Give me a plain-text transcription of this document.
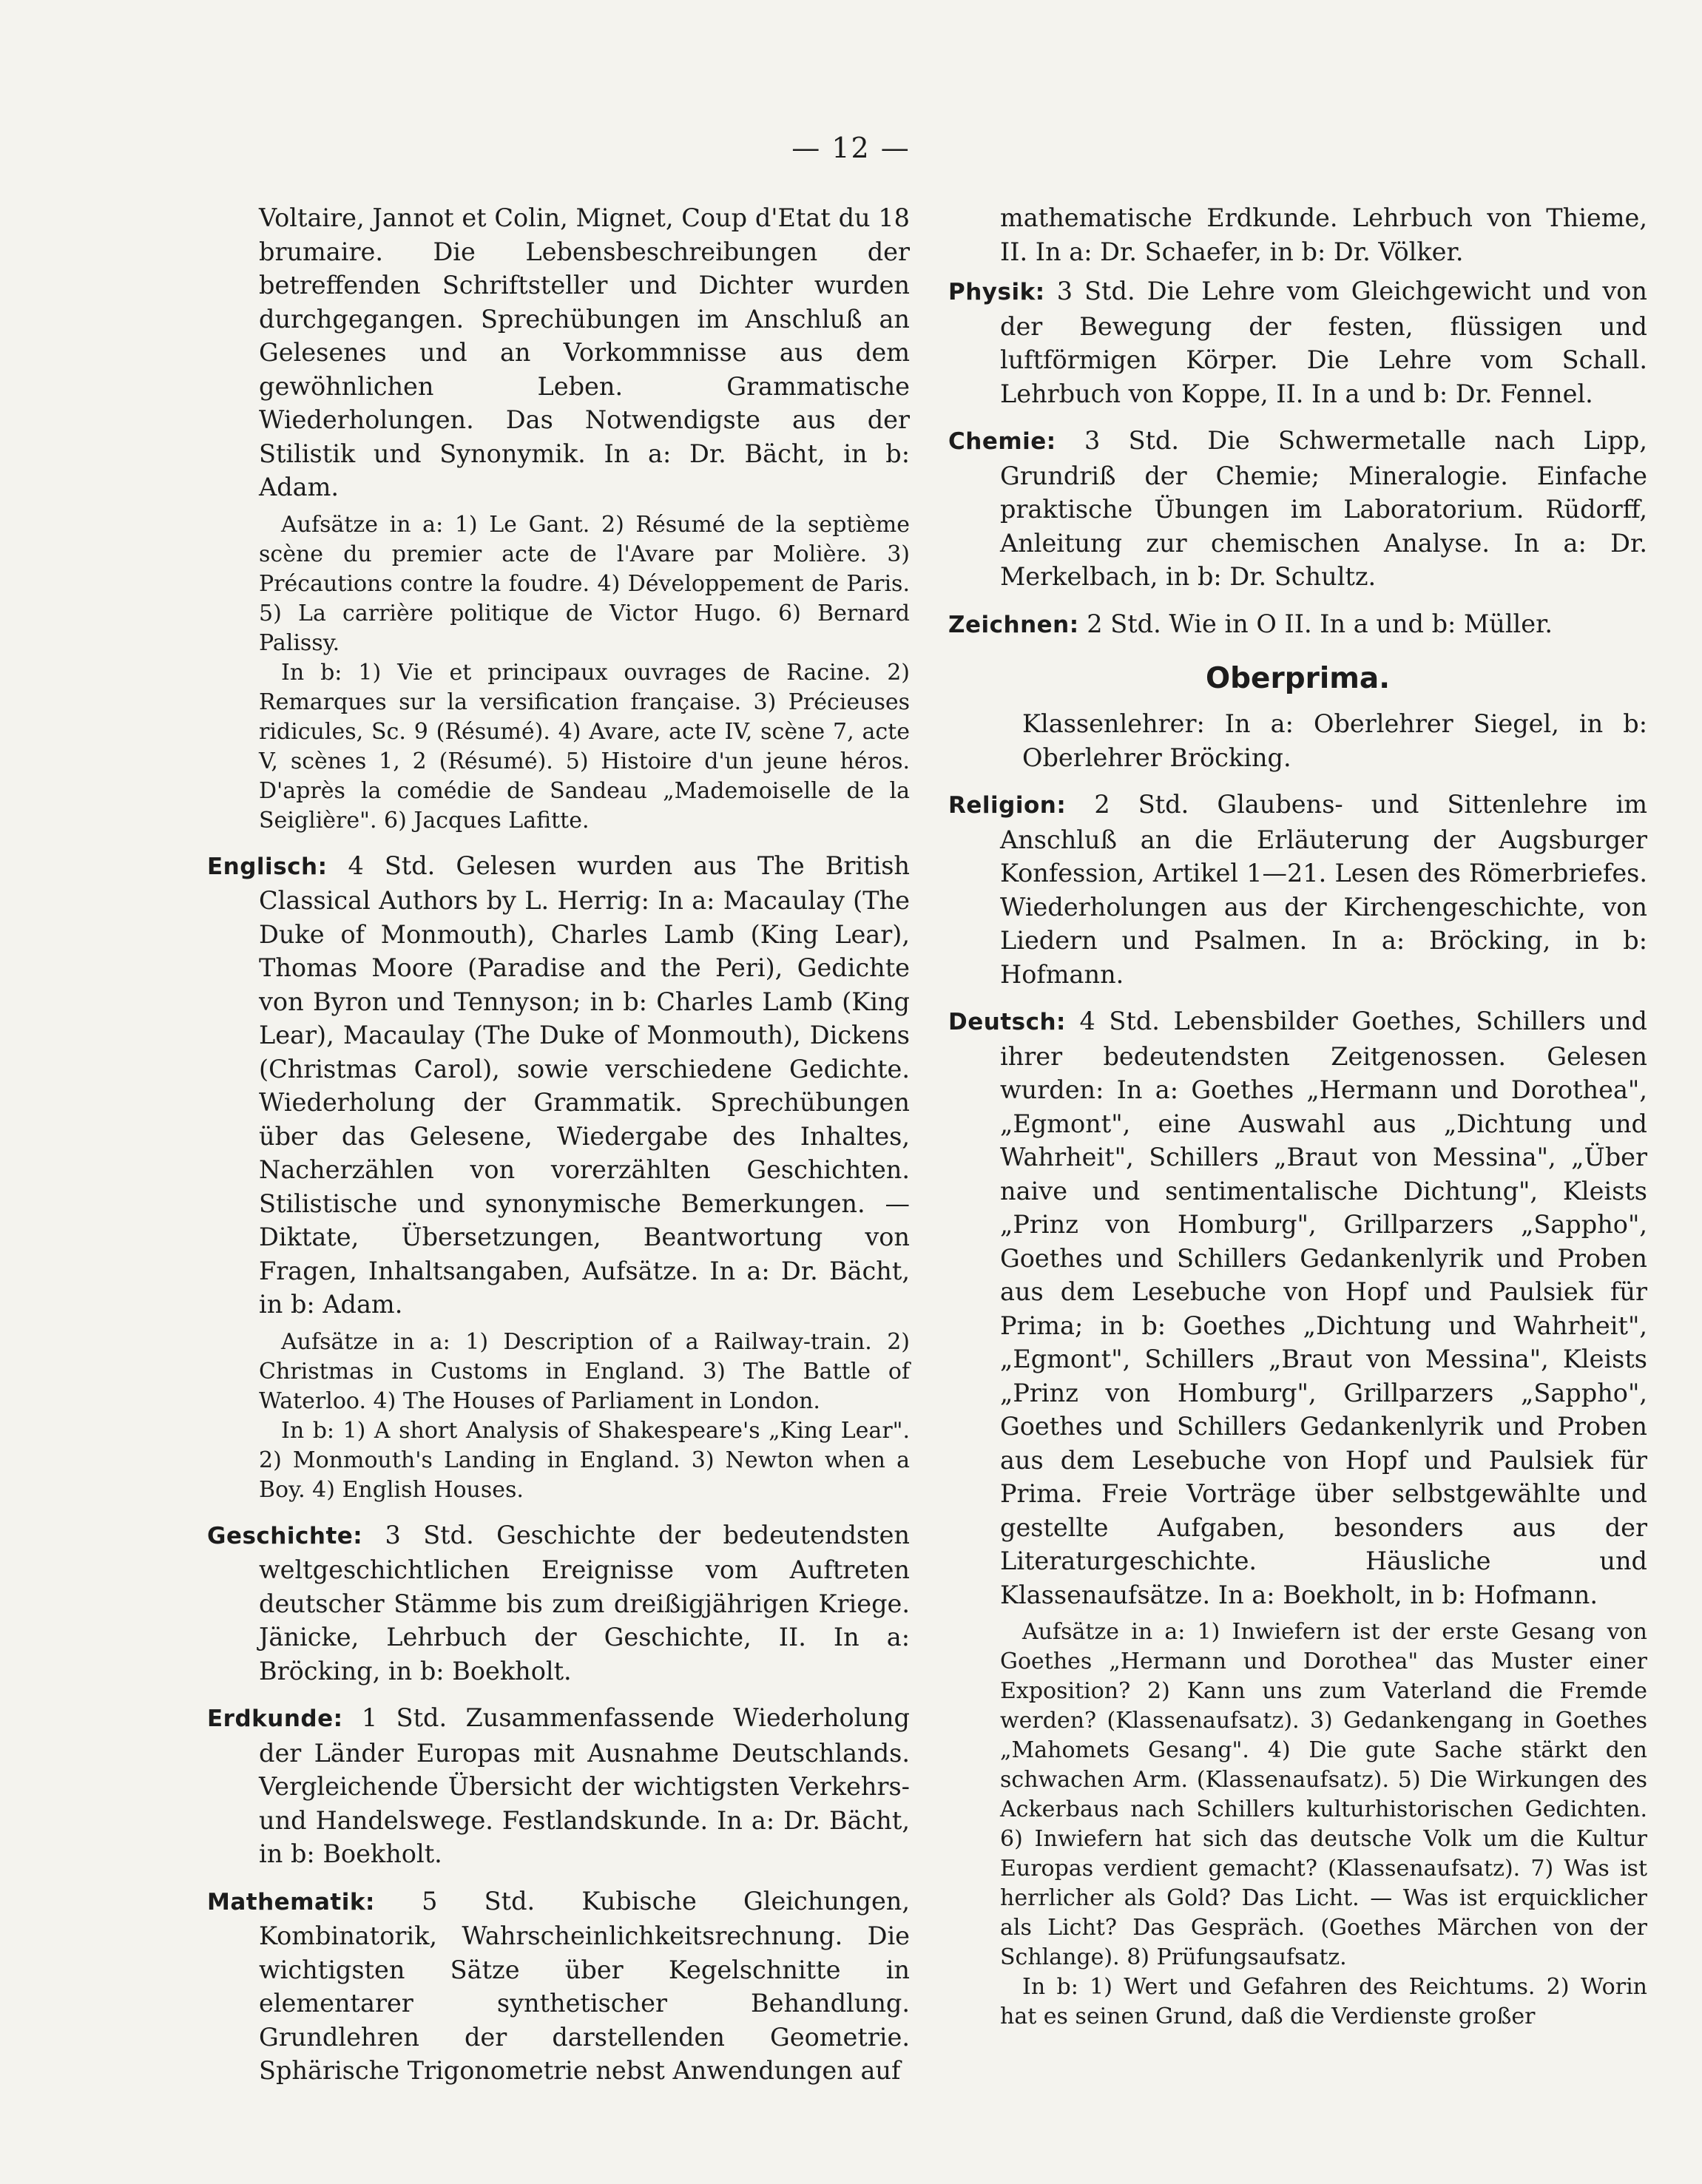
— 12 —

Voltaire, Jannot et Colin, Mignet, Coup d'Etat du 18 brumaire. Die Lebensbeschreibungen der betreffenden Schriftsteller und Dichter wurden durchgegangen. Sprechübungen im Anschluß an Gelesenes und an Vorkommnisse aus dem gewöhnlichen Leben. Grammatische Wiederholungen. Das Notwendigste aus der Stilistik und Synonymik. In a: Dr. Bächt, in b: Adam.

Aufsätze in a: 1) Le Gant. 2) Résumé de la septième scène du premier acte de l'Avare par Molière. 3) Précautions contre la foudre. 4) Développement de Paris. 5) La carrière politique de Victor Hugo. 6) Bernard Palissy.

In b: 1) Vie et principaux ouvrages de Racine. 2) Remarques sur la versification française. 3) Précieuses ridicules, Sc. 9 (Résumé). 4) Avare, acte IV, scène 7, acte V, scènes 1, 2 (Résumé). 5) Histoire d'un jeune héros. D'après la comédie de Sandeau „Mademoiselle de la Seiglière". 6) Jacques Lafitte.

Englisch: 4 Std. Gelesen wurden aus The British Classical Authors by L. Herrig: In a: Macaulay (The Duke of Monmouth), Charles Lamb (King Lear), Thomas Moore (Paradise and the Peri), Gedichte von Byron und Tennyson; in b: Charles Lamb (King Lear), Macaulay (The Duke of Monmouth), Dickens (Christmas Carol), sowie verschiedene Gedichte. Wiederholung der Grammatik. Sprechübungen über das Gelesene, Wiedergabe des Inhaltes, Nacherzählen von vorerzählten Geschichten. Stilistische und synonymische Bemerkungen. — Diktate, Übersetzungen, Beantwortung von Fragen, Inhaltsangaben, Aufsätze. In a: Dr. Bächt, in b: Adam.

Aufsätze in a: 1) Description of a Railway-train. 2) Christmas in Customs in England. 3) The Battle of Waterloo. 4) The Houses of Parliament in London.

In b: 1) A short Analysis of Shakespeare's „King Lear". 2) Monmouth's Landing in England. 3) Newton when a Boy. 4) English Houses.

Geschichte: 3 Std. Geschichte der bedeutendsten weltgeschichtlichen Ereignisse vom Auftreten deutscher Stämme bis zum dreißigjährigen Kriege. Jänicke, Lehrbuch der Geschichte, II. In a: Bröcking, in b: Boekholt.

Erdkunde: 1 Std. Zusammenfassende Wiederholung der Länder Europas mit Ausnahme Deutschlands. Vergleichende Übersicht der wichtigsten Verkehrs- und Handelswege. Festlandskunde. In a: Dr. Bächt, in b: Boekholt.

Mathematik: 5 Std. Kubische Gleichungen, Kombinatorik, Wahrscheinlichkeitsrechnung. Die wichtigsten Sätze über Kegelschnitte in elementarer synthetischer Behandlung. Grundlehren der darstellenden Geometrie. Sphärische Trigonometrie nebst Anwendungen auf

mathematische Erdkunde. Lehrbuch von Thieme, II. In a: Dr. Schaefer, in b: Dr. Völker.

Physik: 3 Std. Die Lehre vom Gleichgewicht und von der Bewegung der festen, flüssigen und luftförmigen Körper. Die Lehre vom Schall. Lehrbuch von Koppe, II. In a und b: Dr. Fennel.

Chemie: 3 Std. Die Schwermetalle nach Lipp, Grundriß der Chemie; Mineralogie. Einfache praktische Übungen im Laboratorium. Rüdorff, Anleitung zur chemischen Analyse. In a: Dr. Merkelbach, in b: Dr. Schultz.

Zeichnen: 2 Std. Wie in O II. In a und b: Müller.

Oberprima.

Klassenlehrer: In a: Oberlehrer Siegel, in b: Oberlehrer Bröcking.

Religion: 2 Std. Glaubens- und Sittenlehre im Anschluß an die Erläuterung der Augsburger Konfession, Artikel 1—21. Lesen des Römerbriefes. Wiederholungen aus der Kirchengeschichte, von Liedern und Psalmen. In a: Bröcking, in b: Hofmann.

Deutsch: 4 Std. Lebensbilder Goethes, Schillers und ihrer bedeutendsten Zeitgenossen. Gelesen wurden: In a: Goethes „Hermann und Dorothea", „Egmont", eine Auswahl aus „Dichtung und Wahrheit", Schillers „Braut von Messina", „Über naive und sentimentalische Dichtung", Kleists „Prinz von Homburg", Grillparzers „Sappho", Goethes und Schillers Gedankenlyrik und Proben aus dem Lesebuche von Hopf und Paulsiek für Prima; in b: Goethes „Dichtung und Wahrheit", „Egmont", Schillers „Braut von Messina", Kleists „Prinz von Homburg", Grillparzers „Sappho", Goethes und Schillers Gedankenlyrik und Proben aus dem Lesebuche von Hopf und Paulsiek für Prima. Freie Vorträge über selbstgewählte und gestellte Aufgaben, besonders aus der Literaturgeschichte. Häusliche und Klassenaufsätze. In a: Boekholt, in b: Hofmann.

Aufsätze in a: 1) Inwiefern ist der erste Gesang von Goethes „Hermann und Dorothea" das Muster einer Exposition? 2) Kann uns zum Vaterland die Fremde werden? (Klassenaufsatz). 3) Gedankengang in Goethes „Mahomets Gesang". 4) Die gute Sache stärkt den schwachen Arm. (Klassenaufsatz). 5) Die Wirkungen des Ackerbaus nach Schillers kulturhistorischen Gedichten. 6) Inwiefern hat sich das deutsche Volk um die Kultur Europas verdient gemacht? (Klassenaufsatz). 7) Was ist herrlicher als Gold? Das Licht. — Was ist erquicklicher als Licht? Das Gespräch. (Goethes Märchen von der Schlange). 8) Prüfungsaufsatz.

In b: 1) Wert und Gefahren des Reichtums. 2) Worin hat es seinen Grund, daß die Verdienste großer
